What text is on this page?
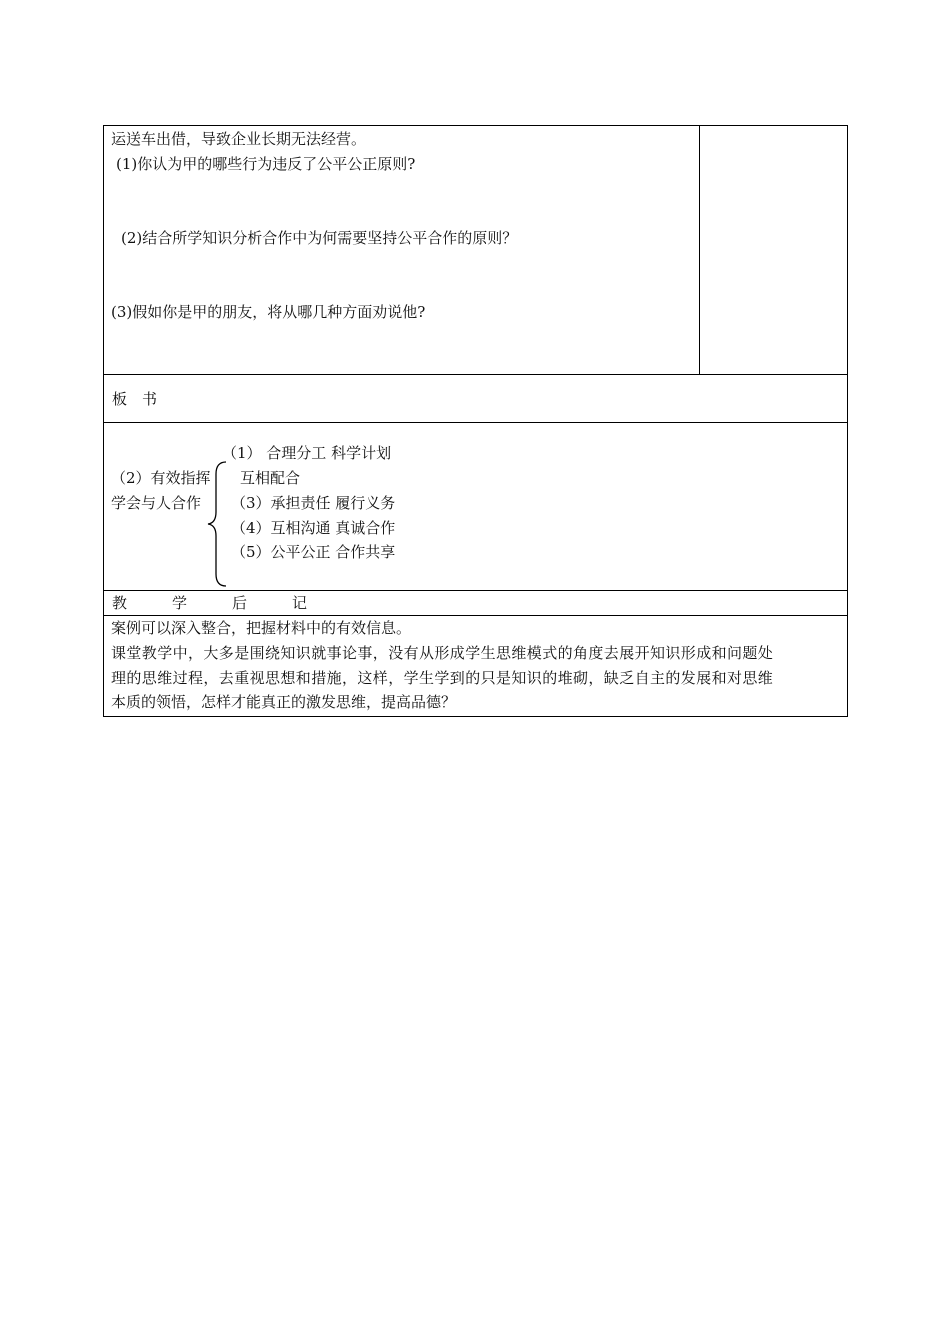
运送车出借，导致企业长期无法经营。
(1)你认为甲的哪些行为违反了公平公正原则?
(2)结合所学知识分析合作中为何需要坚持公平合作的原则？
(3)假如你是甲的朋友，将从哪几种方面劝说他?
板　书
（1） 合理分工 科学计划
（2）有效指挥 互相配合
学会与人合作 （3）承担责任 履行义务
（4）互相沟通 真诚合作
（5）公平公正 合作共享
教　　　学　　　后　　　记
案例可以深入整合，把握材料中的有效信息。
课堂教学中，大多是围绕知识就事论事，没有从形成学生思维模式的角度去展开知识形成和问题处
理的思维过程，去重视思想和措施，这样，学生学到的只是知识的堆砌，缺乏自主的发展和对思维
本质的领悟，怎样才能真正的激发思维，提高品德？
